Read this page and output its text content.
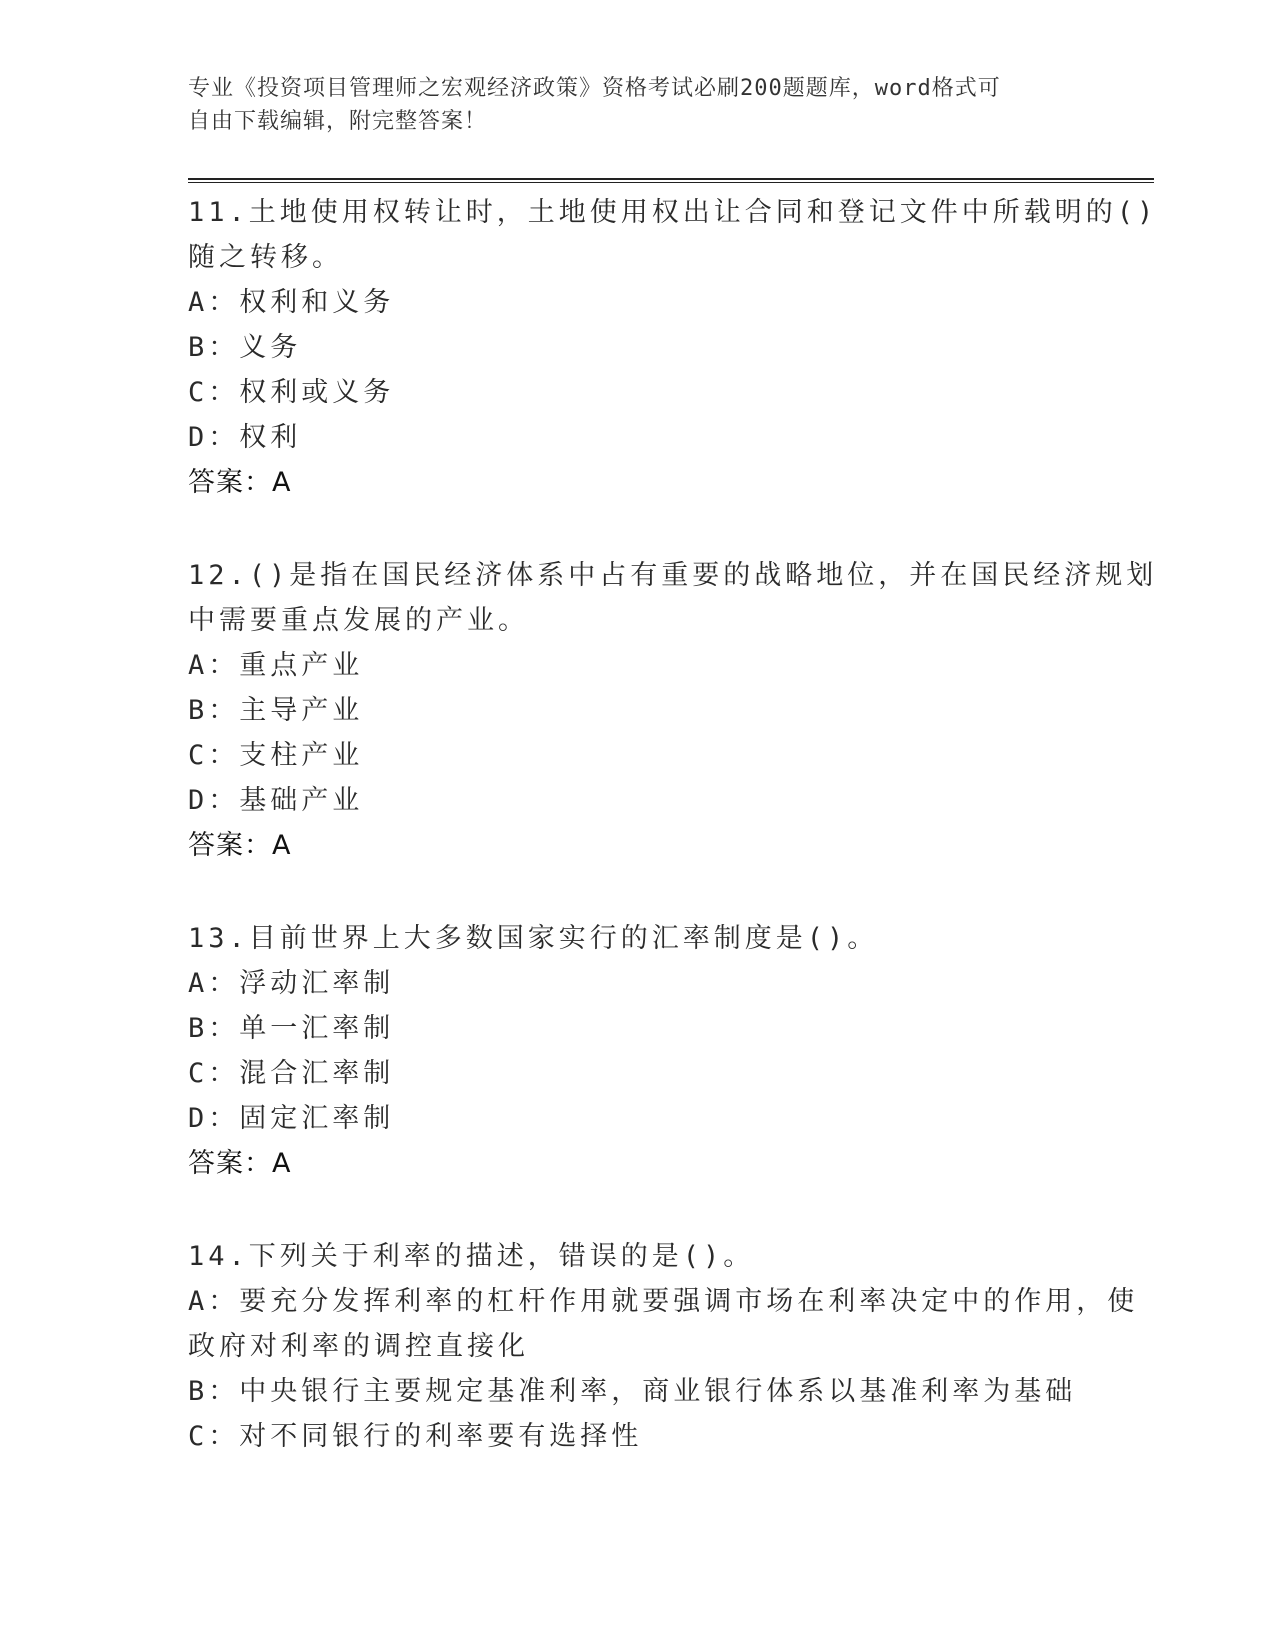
专业《投资项目管理师之宏观经济政策》资格考试必刷200题题库，word格式可
自由下载编辑，附完整答案！
11.土地使用权转让时，土地使用权出让合同和登记文件中所载明的()
随之转移。
A：权利和义务
B：义务
C：权利或义务
D：权利
答案：A
12.()是指在国民经济体系中占有重要的战略地位，并在国民经济规划
中需要重点发展的产业。
A：重点产业
B：主导产业
C：支柱产业
D：基础产业
答案：A
13.目前世界上大多数国家实行的汇率制度是()。
A：浮动汇率制
B：单一汇率制
C：混合汇率制
D：固定汇率制
答案：A
14.下列关于利率的描述，错误的是()。
A：要充分发挥利率的杠杆作用就要强调市场在利率决定中的作用，使
政府对利率的调控直接化
B：中央银行主要规定基准利率，商业银行体系以基准利率为基础
C：对不同银行的利率要有选择性
